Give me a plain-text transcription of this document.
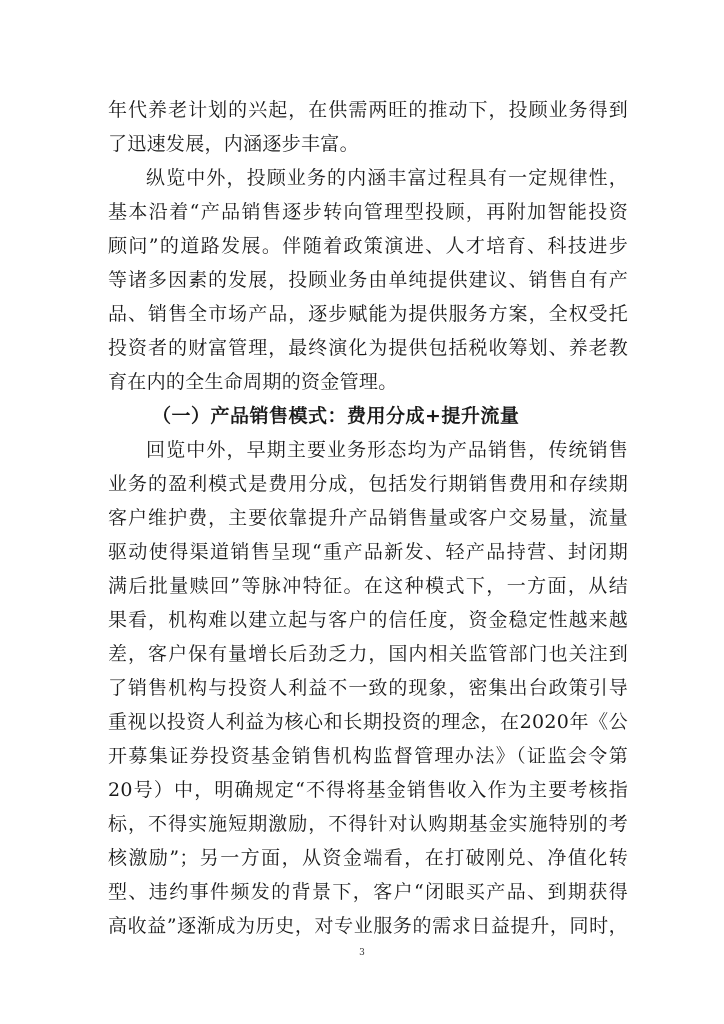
年代养老计划的兴起，在供需两旺的推动下，投顾业务得到
了迅速发展，内涵逐步丰富。
纵览中外，投顾业务的内涵丰富过程具有一定规律性，
基本沿着“产品销售逐步转向管理型投顾，再附加智能投资
顾问”的道路发展。伴随着政策演进、人才培育、科技进步
等诸多因素的发展，投顾业务由单纯提供建议、销售自有产
品、销售全市场产品，逐步赋能为提供服务方案，全权受托
投资者的财富管理，最终演化为提供包括税收筹划、养老教
育在内的全生命周期的资金管理。
（一）产品销售模式：费用分成+提升流量
回览中外，早期主要业务形态均为产品销售，传统销售
业务的盈利模式是费用分成，包括发行期销售费用和存续期
客户维护费，主要依靠提升产品销售量或客户交易量，流量
驱动使得渠道销售呈现“重产品新发、轻产品持营、封闭期
满后批量赎回”等脉冲特征。在这种模式下，一方面，从结
果看，机构难以建立起与客户的信任度，资金稳定性越来越
差，客户保有量增长后劲乏力，国内相关监管部门也关注到
了销售机构与投资人利益不一致的现象，密集出台政策引导
重视以投资人利益为核心和长期投资的理念，在2020年《公
开募集证券投资基金销售机构监督管理办法》（证监会令第
20号）中，明确规定“不得将基金销售收入作为主要考核指
标，不得实施短期激励，不得针对认购期基金实施特别的考
核激励”；另一方面，从资金端看，在打破刚兑、净值化转
型、违约事件频发的背景下，客户“闭眼买产品、到期获得
高收益”逐渐成为历史，对专业服务的需求日益提升，同时，
3
